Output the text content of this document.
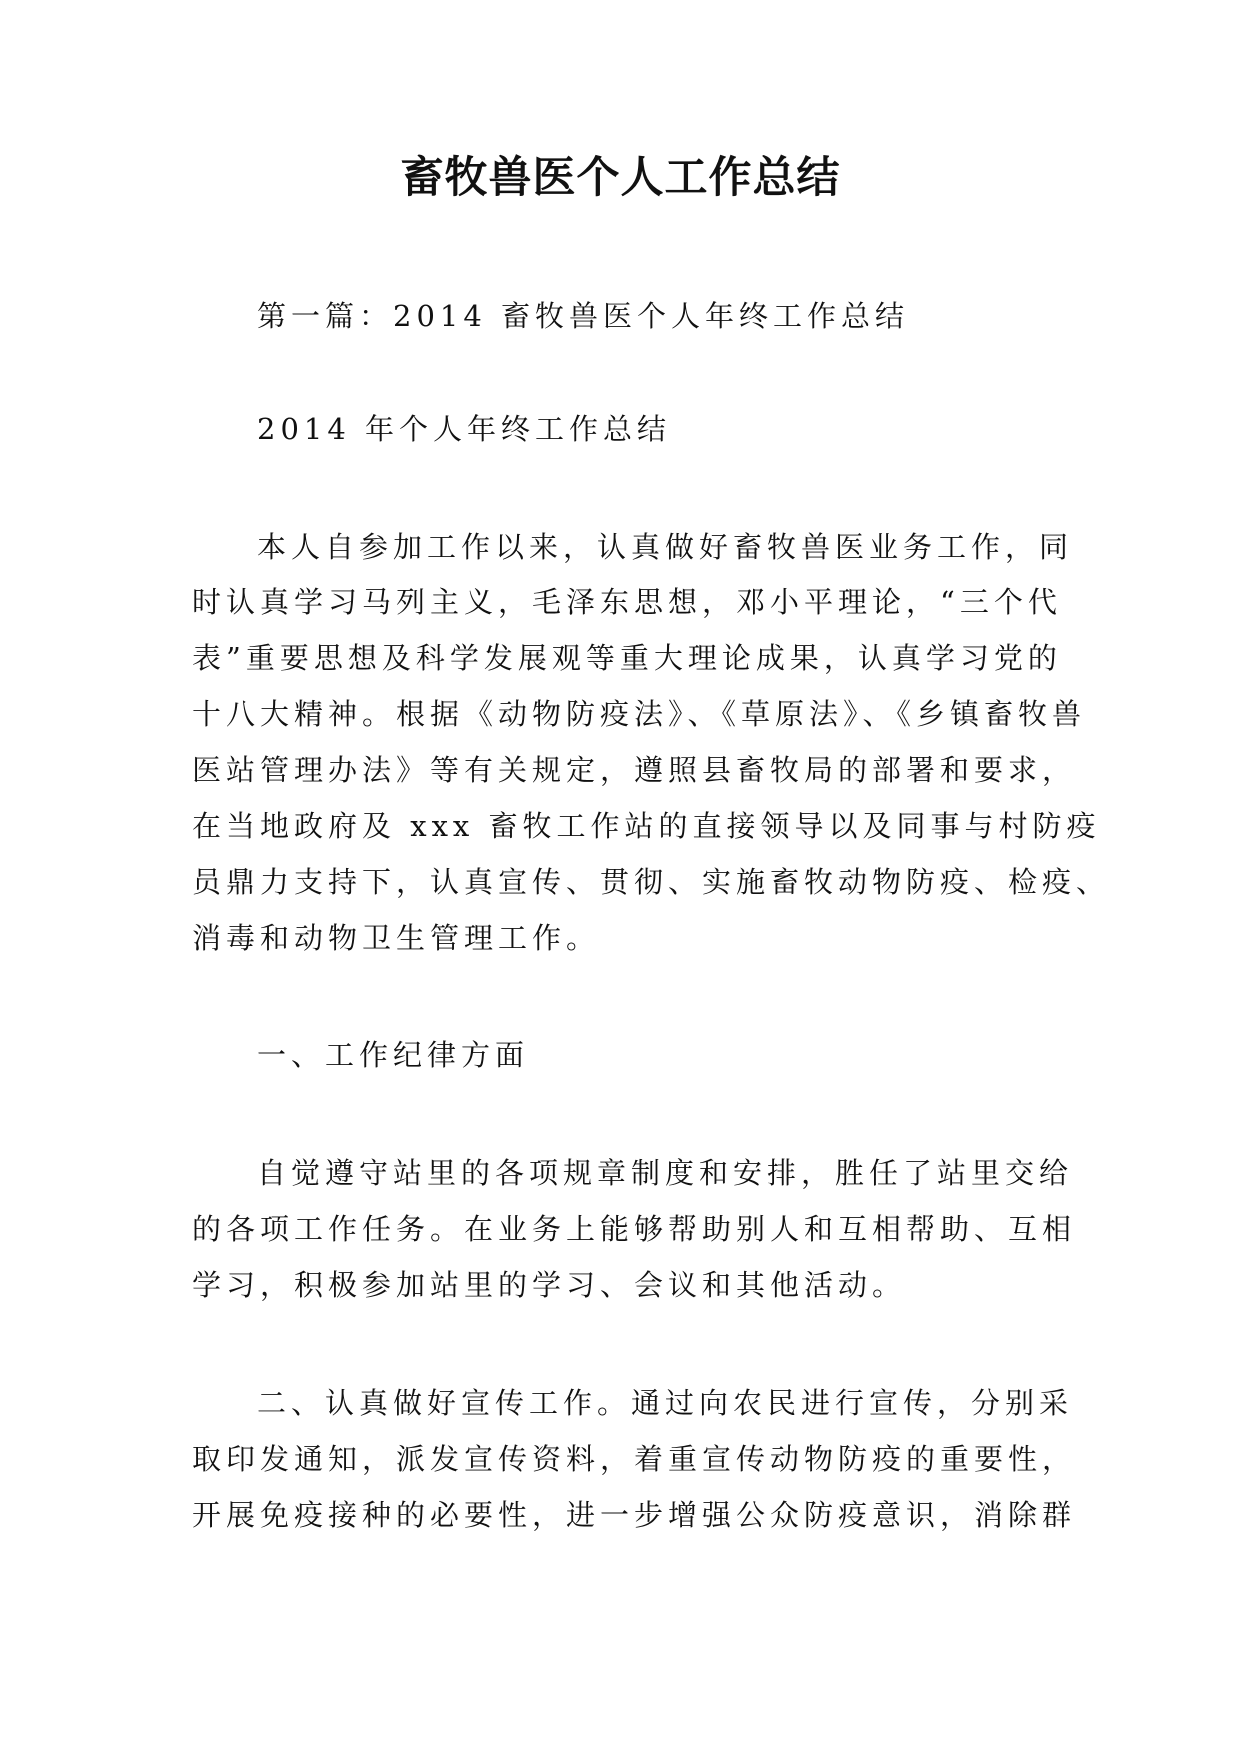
畜牧兽医个人工作总结
第一篇：2014 畜牧兽医个人年终工作总结
2014 年个人年终工作总结
本人自参加工作以来，认真做好畜牧兽医业务工作，同
时认真学习马列主义，毛泽东思想，邓小平理论，“三个代
表”重要思想及科学发展观等重大理论成果，认真学习党的
十八大精神。根据《动物防疫法》、《草原法》、《乡镇畜牧兽
医站管理办法》等有关规定，遵照县畜牧局的部署和要求，
在当地政府及 xxx 畜牧工作站的直接领导以及同事与村防疫
员鼎力支持下，认真宣传、贯彻、实施畜牧动物防疫、检疫、
消毒和动物卫生管理工作。
一、工作纪律方面
自觉遵守站里的各项规章制度和安排，胜任了站里交给
的各项工作任务。在业务上能够帮助别人和互相帮助、互相
学习，积极参加站里的学习、会议和其他活动。
二、认真做好宣传工作。通过向农民进行宣传，分别采
取印发通知，派发宣传资料，着重宣传动物防疫的重要性，
开展免疫接种的必要性，进一步增强公众防疫意识，消除群
